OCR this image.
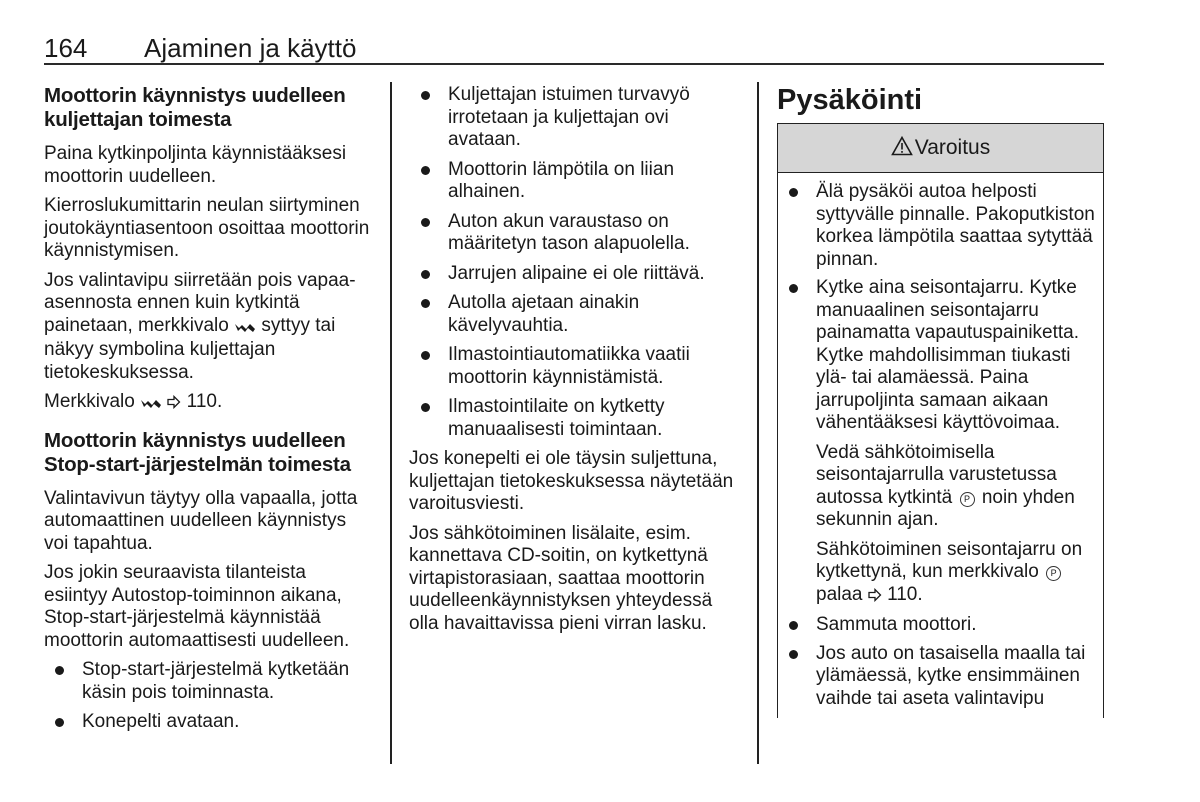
164 Ajaminen ja käyttö
Moottorin käynnistys uudelleen kuljettajan toimesta

Paina kytkinpoljinta käynnistääksesi moottorin uudelleen.

Kierroslukumittarin neulan siirtyminen joutokäyntiasentoon osoittaa moottorin käynnistymisen.

Jos valintavipu siirretään pois vapaa-asennosta ennen kuin kytkintä painetaan, merkkivalo syttyy tai näkyy symbolina kuljettajan tietokeskuksessa.

Merkkivalo	110.

Moottorin käynnistys uudelleen Stop-start-järjestelmän toimesta

Valintavivun täytyy olla vapaalla, jotta automaattinen uudelleen käynnistys voi tapahtua.

Jos jokin seuraavista tilanteista esiintyy Autostop-toiminnon aikana, Stop-start-järjestelmä käynnistää moottorin automaattisesti uudelleen.

Stop-start-järjestelmä kytketään käsin pois toiminnasta.
Konepelti avataan.
Kuljettajan istuimen turvavyö irrotetaan ja kuljettajan ovi avataan.
Moottorin lämpötila on liian alhainen.
Auton akun varaustaso on määritetyn tason alapuolella.
Jarrujen alipaine ei ole riittävä.
Autolla ajetaan ainakin kävelyvauhtia.
Ilmastointiautomatiikka vaatii moottorin käynnistämistä.
Ilmastointilaite on kytketty manuaalisesti toimintaan.

Jos konepelti ei ole täysin suljettuna, kuljettajan tietokeskuksessa näytetään varoitusviesti.

Jos sähkötoiminen lisälaite, esim. kannettava CD-soitin, on kytkettynä virtapistorasiaan, saattaa moottorin uudelleenkäynnistyksen yhteydessä olla havaittavissa pieni virran lasku.

Pysäköinti
Varoitus
Älä pysäköi autoa helposti syttyvälle pinnalle. Pakoputkiston korkea lämpötila saattaa sytyttää pinnan.

Kytke aina seisontajarru. Kytke manuaalinen seisontajarru painamatta vapautuspainiketta. Kytke mahdollisimman tiukasti ylä- tai alamäessä. Paina jarrupoljinta samaan aikaan vähentääksesi käyttövoimaa.

Vedä sähkötoimisella seisontajarrulla varustetussa autossa kytkintä P noin yhden sekunnin ajan.

Sähkötoiminen seisontajarru on kytkettynä, kun merkkivalo P palaa 110.

Sammuta moottori.
Jos auto on tasaisella maalla tai ylämäessä, kytke ensimmäinen vaihde tai aseta valintavipu
